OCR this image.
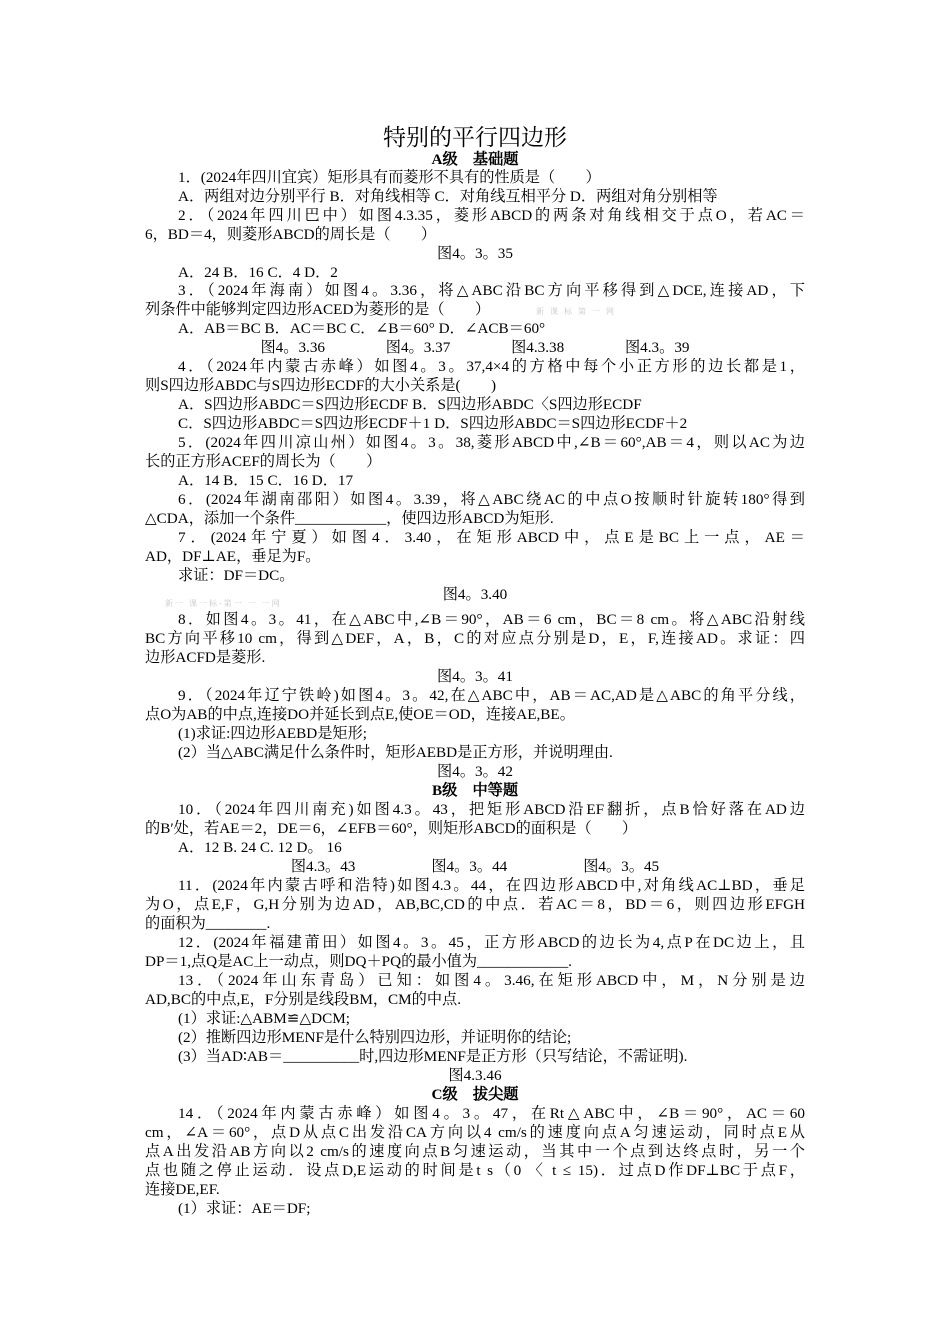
特别的平行四边形
A级　基础题
1．(2024年四川宜宾）矩形具有而菱形不具有的性质是（　　）
A．两组对边分别平行 B．对角线相等 C．对角线互相平分 D．两组对角分别相等
2．（2024年四川巴中）如图4.3.35，菱形ABCD的两条对角线相交于点O，若AC＝
6，BD＝4，则菱形ABCD的周长是（　　）
图4。3。35
A．24 B．16 C．4 D．2
3．（2024年海南）如图4。3.36，将△ABC沿BC方向平移得到△DCE,连接AD，下
列条件中能够判定四边形ACED为菱形的是（　　）
A．AB＝BC B．AC＝BC C．∠B＝60° D．∠ACB＝60°
图4。3.36　　　　图4。3.37　　　　图4.3.38　　　　图4.3。39
4．（2024年内蒙古赤峰）如图4。3。37,4×4的方格中每个小正方形的边长都是1，
则S四边形ABDC与S四边形ECDF的大小关系是(　　)
A．S四边形ABDC＝S四边形ECDF B．S四边形ABDC〈S四边形ECDF
C．S四边形ABDC＝S四边形ECDF＋1 D．S四边形ABDC＝S四边形ECDF＋2
5．(2024年四川凉山州）如图4。3。38,菱形ABCD中,∠B＝60°,AB＝4，则以AC为边
长的正方形ACEF的周长为（　　）
A．14 B．15 C．16 D．17
6．(2024年湖南邵阳）如图4。3.39，将△ABC绕AC的中点O按顺时针旋转180°得到
△CDA，添加一个条件____________，使四边形ABCD为矩形.
7．(2024年宁夏）如图4．3.40，在矩形ABCD中，点E是BC上一点，AE＝
AD，DF⊥AE，垂足为F。
求证：DF＝DC。
图4。3.40
8．如图4。3。41，在△ABC中,∠B＝90°，AB＝6 cm，BC＝8 cm。将△ABC沿射线
BC方向平移10 cm，得到△DEF，A，B，C的对应点分别是D，E，F,连接AD。求证：四
边形ACFD是菱形.
图4。3。41
9．（2024年辽宁铁岭)如图4。3。42,在△ABC中，AB＝AC,AD是△ABC的角平分线，
点O为AB的中点,连接DO并延长到点E,使OE＝OD，连接AE,BE。
(1)求证:四边形AEBD是矩形;
(2）当△ABC满足什么条件时，矩形AEBD是正方形，并说明理由.
图4。3。42
B级　中等题
10．（2024年四川南充)如图4.3。43，把矩形ABCD沿EF翻折，点B恰好落在AD边
的B′处，若AE＝2，DE＝6，∠EFB＝60°，则矩形ABCD的面积是（　　）
A．12 B. 24 C. 12 D。 16
图4.3。43　　　　　图4。3。44　　　　　图4。3。45
11．(2024年内蒙古呼和浩特)如图4.3。44，在四边形ABCD中,对角线AC⊥BD，垂足
为O，点E,F，G,H分别为边AD，AB,BC,CD的中点．若AC＝8，BD＝6，则四边形EFGH
的面积为________.
12．(2024年福建莆田）如图4。3。45，正方形ABCD的边长为4,点P在DC边上，且
DP＝1,点Q是AC上一动点，则DQ＋PQ的最小值为____________.
13．（2024年山东青岛）已知：如图4。3.46,在矩形ABCD中，M，N分别是边
AD,BC的中点,E，F分别是线段BM，CM的中点.
(1）求证:△ABM≌△DCM;
(2）推断四边形MENF是什么特别四边形，并证明你的结论;
(3）当AD∶AB＝__________时,四边形MENF是正方形（只写结论，不需证明).
图4.3.46
C级　拔尖题
14．（2024年内蒙古赤峰）如图4。3。47，在Rt△ABC中，∠B＝90°，AC＝60
cm，∠A＝60°，点D从点C出发沿CA方向以4 cm/s的速度向点A匀速运动，同时点E从
点A出发沿AB方向以2 cm/s的速度向点B匀速运动，当其中一个点到达终点时，另一个
点也随之停止运动．设点D,E运动的时间是t s（0 〈 t ≤ 15)．过点D作DF⊥BC于点F，
连接DE,EF.
(1）求证：AE＝DF;
新 课 标 第 一 网
新一 课一标-第一 一 一网
